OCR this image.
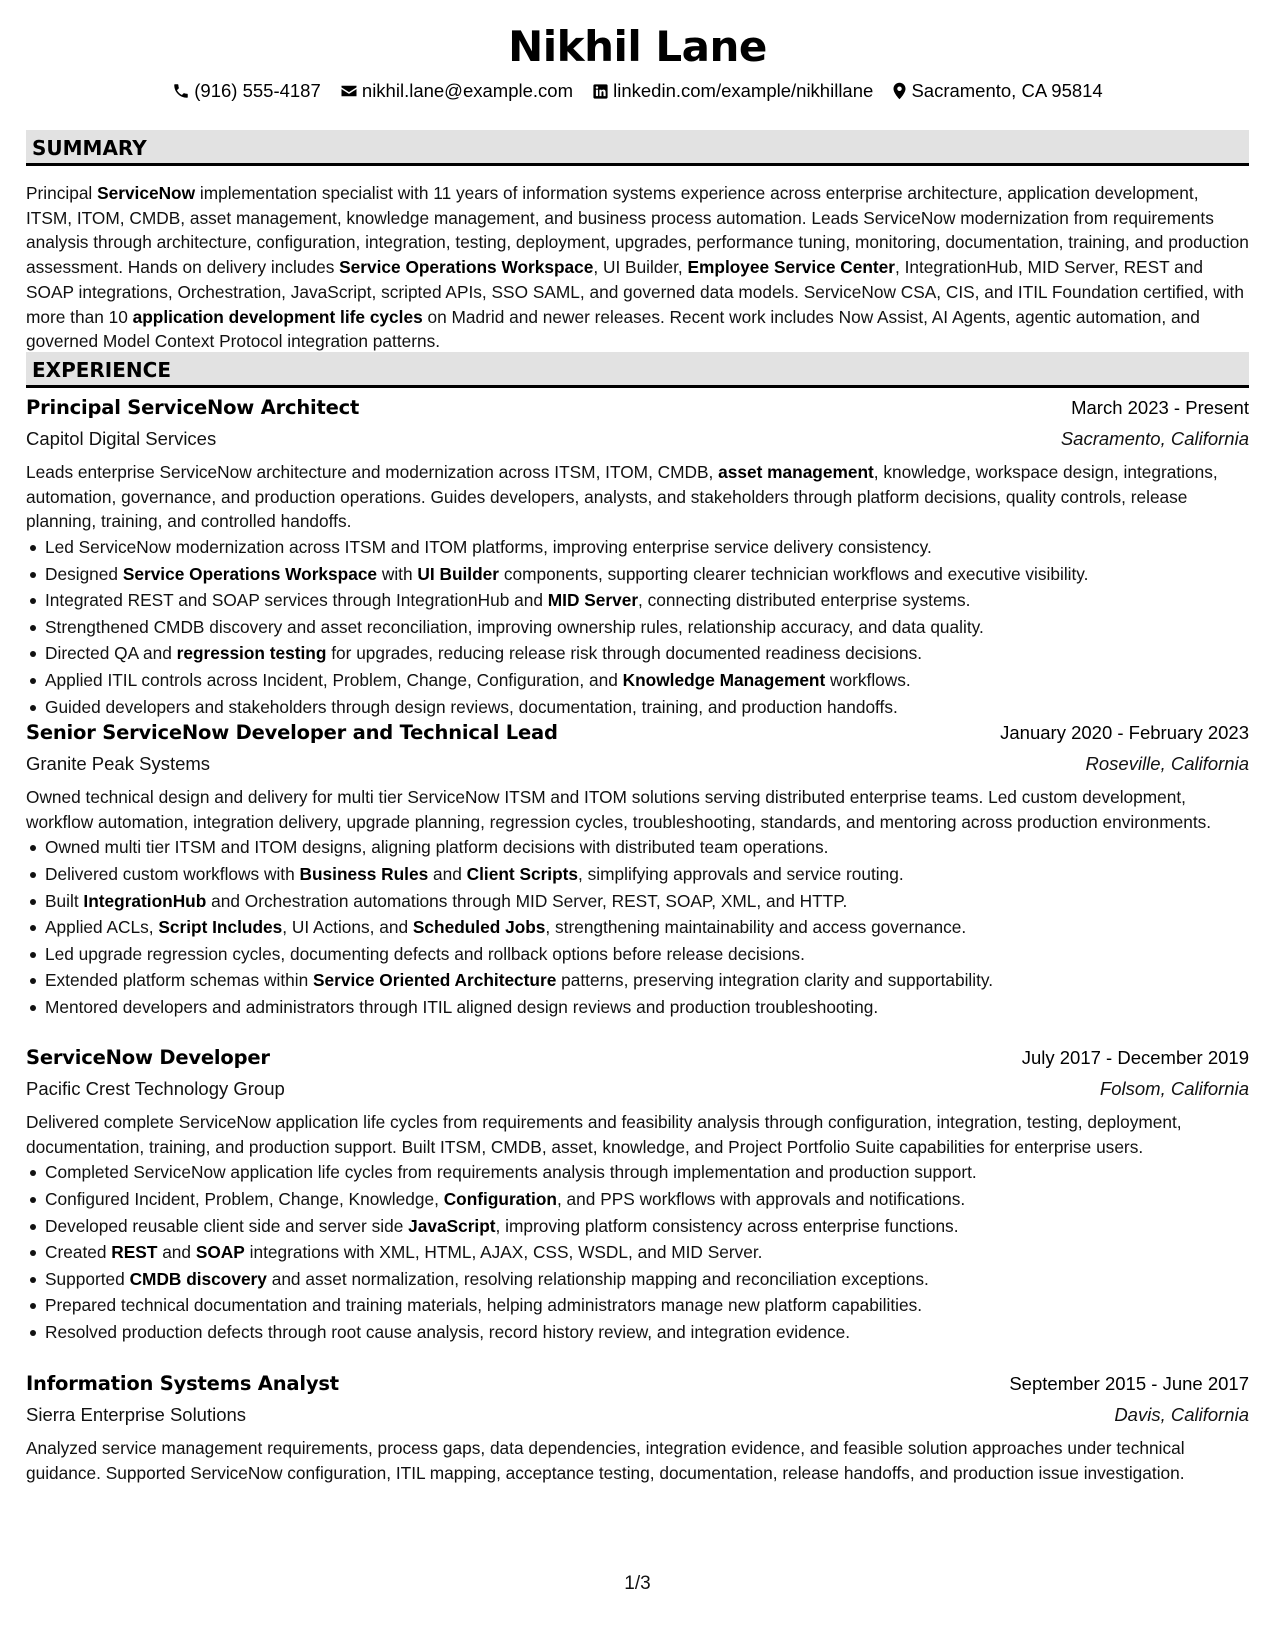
Nikhil Lane
(916) 555-4187 nikhil.lane@example.com linkedin.com/example/nikhillane Sacramento, CA 95814
SUMMARY
Principal ServiceNow implementation specialist with 11 years of information systems experience across enterprise architecture, application development, ITSM, ITOM, CMDB, asset management, knowledge management, and business process automation. Leads ServiceNow modernization from requirements analysis through architecture, configuration, integration, testing, deployment, upgrades, performance tuning, monitoring, documentation, training, and production assessment. Hands on delivery includes Service Operations Workspace, UI Builder, Employee Service Center, IntegrationHub, MID Server, REST and SOAP integrations, Orchestration, JavaScript, scripted APIs, SSO SAML, and governed data models. ServiceNow CSA, CIS, and ITIL Foundation certified, with more than 10 application development life cycles on Madrid and newer releases. Recent work includes Now Assist, AI Agents, agentic automation, and governed Model Context Protocol integration patterns.
EXPERIENCE
Principal ServiceNow Architect	March 2023 - Present
Capitol Digital Services	Sacramento, California
Leads enterprise ServiceNow architecture and modernization across ITSM, ITOM, CMDB, asset management, knowledge, workspace design, integrations, automation, governance, and production operations. Guides developers, analysts, and stakeholders through platform decisions, quality controls, release planning, training, and controlled handoffs.
Led ServiceNow modernization across ITSM and ITOM platforms, improving enterprise service delivery consistency.
Designed Service Operations Workspace with UI Builder components, supporting clearer technician workflows and executive visibility.
Integrated REST and SOAP services through IntegrationHub and MID Server, connecting distributed enterprise systems.
Strengthened CMDB discovery and asset reconciliation, improving ownership rules, relationship accuracy, and data quality.
Directed QA and regression testing for upgrades, reducing release risk through documented readiness decisions.
Applied ITIL controls across Incident, Problem, Change, Configuration, and Knowledge Management workflows.
Guided developers and stakeholders through design reviews, documentation, training, and production handoffs.
Senior ServiceNow Developer and Technical Lead	January 2020 - February 2023
Granite Peak Systems	Roseville, California
Owned technical design and delivery for multi tier ServiceNow ITSM and ITOM solutions serving distributed enterprise teams. Led custom development, workflow automation, integration delivery, upgrade planning, regression cycles, troubleshooting, standards, and mentoring across production environments.
Owned multi tier ITSM and ITOM designs, aligning platform decisions with distributed team operations.
Delivered custom workflows with Business Rules and Client Scripts, simplifying approvals and service routing.
Built IntegrationHub and Orchestration automations through MID Server, REST, SOAP, XML, and HTTP.
Applied ACLs, Script Includes, UI Actions, and Scheduled Jobs, strengthening maintainability and access governance.
Led upgrade regression cycles, documenting defects and rollback options before release decisions.
Extended platform schemas within Service Oriented Architecture patterns, preserving integration clarity and supportability.
Mentored developers and administrators through ITIL aligned design reviews and production troubleshooting.
ServiceNow Developer	July 2017 - December 2019
Pacific Crest Technology Group	Folsom, California
Delivered complete ServiceNow application life cycles from requirements and feasibility analysis through configuration, integration, testing, deployment, documentation, training, and production support. Built ITSM, CMDB, asset, knowledge, and Project Portfolio Suite capabilities for enterprise users.
Completed ServiceNow application life cycles from requirements analysis through implementation and production support.
Configured Incident, Problem, Change, Knowledge, Configuration, and PPS workflows with approvals and notifications.
Developed reusable client side and server side JavaScript, improving platform consistency across enterprise functions.
Created REST and SOAP integrations with XML, HTML, AJAX, CSS, WSDL, and MID Server.
Supported CMDB discovery and asset normalization, resolving relationship mapping and reconciliation exceptions.
Prepared technical documentation and training materials, helping administrators manage new platform capabilities.
Resolved production defects through root cause analysis, record history review, and integration evidence.
Information Systems Analyst	September 2015 - June 2017
Sierra Enterprise Solutions	Davis, California
Analyzed service management requirements, process gaps, data dependencies, integration evidence, and feasible solution approaches under technical guidance. Supported ServiceNow configuration, ITIL mapping, acceptance testing, documentation, release handoffs, and production issue investigation.
1/3
